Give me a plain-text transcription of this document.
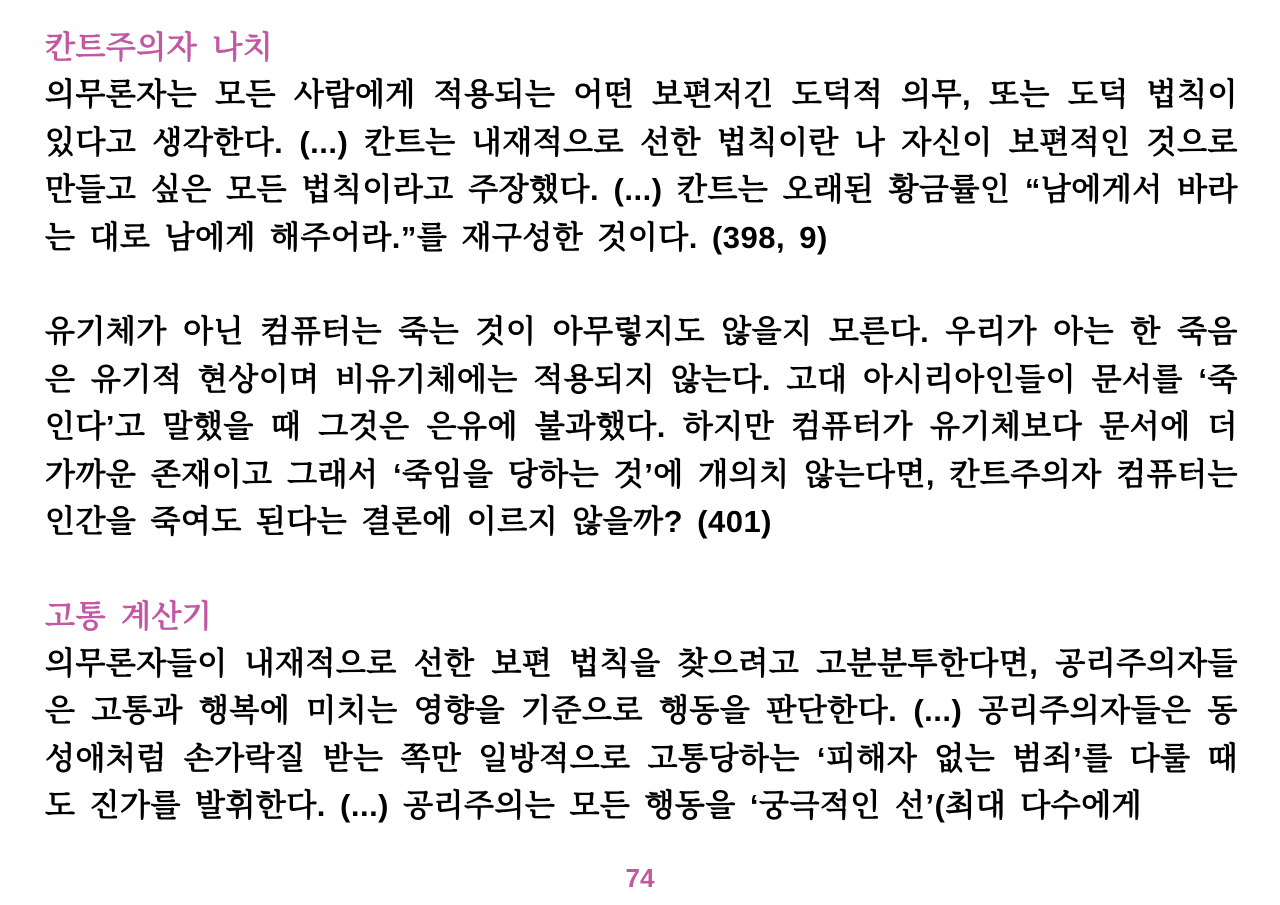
칸트주의자 나치

의무론자는 모든 사람에게 적용되는 어떤 보편저긴 도덕적 의무, 또는 도덕 법칙이 있다고 생각한다. (...) 칸트는 내재적으로 선한 법칙이란 나 자신이 보편적인 것으로 만들고 싶은 모든 법칙이라고 주장했다. (...) 칸트는 오래된 황금률인 “남에게서 바라는 대로 남에게 해주어라.”를 재구성한 것이다. (398, 9)

유기체가 아닌 컴퓨터는 죽는 것이 아무렇지도 않을지 모른다. 우리가 아는 한 죽음은 유기적 현상이며 비유기체에는 적용되지 않는다. 고대 아시리아인들이 문서를 ‘죽인다’고 말했을 때 그것은 은유에 불과했다. 하지만 컴퓨터가 유기체보다 문서에 더 가까운 존재이고 그래서 ‘죽임을 당하는 것’에 개의치 않는다면, 칸트주의자 컴퓨터는 인간을 죽여도 된다는 결론에 이르지 않을까? (401)

고통 계산기

의무론자들이 내재적으로 선한 보편 법칙을 찾으려고 고분분투한다면, 공리주의자들은 고통과 행복에 미치는 영향을 기준으로 행동을 판단한다. (...) 공리주의자들은 동성애처럼 손가락질 받는 쪽만 일방적으로 고통당하는 ‘피해자 없는 범죄’를 다룰 때도 진가를 발휘한다. (...) 공리주의는 모든 행동을 ‘궁극적인 선’(최대 다수에게

74
